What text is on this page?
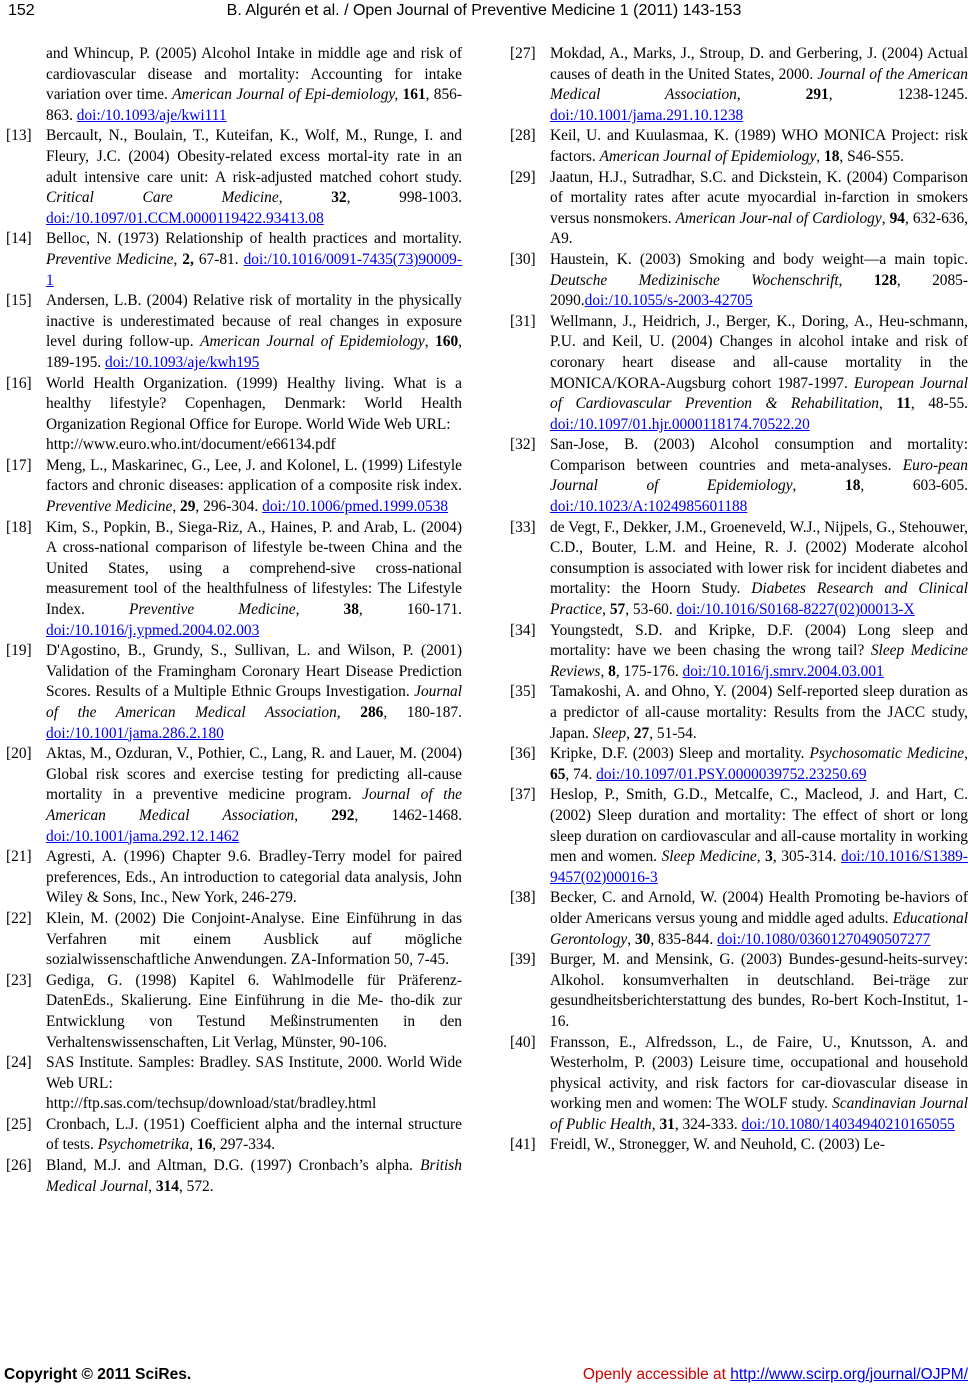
152	B. Algurén et al. / Open Journal of Preventive Medicine 1 (2011) 143-153
and Whincup, P. (2005) Alcohol Intake in middle age and risk of cardiovascular disease and mortality: Accounting for intake variation over time. American Journal of Epi-demiology, 161, 856-863. doi:/10.1093/aje/kwi111
[13] Bercault, N., Boulain, T., Kuteifan, K., Wolf, M., Runge, I. and Fleury, J.C. (2004) Obesity-related excess mortal-ity rate in an adult intensive care unit: A risk-adjusted matched cohort study. Critical Care Medicine, 32, 998-1003. doi:/10.1097/01.CCM.0000119422.93413.08
[14] Belloc, N. (1973) Relationship of health practices and mortality. Preventive Medicine, 2, 67-81. doi:/10.1016/0091-7435(73)90009-1
[15] Andersen, L.B. (2004) Relative risk of mortality in the physically inactive is underestimated because of real changes in exposure level during follow-up. American Journal of Epidemiology, 160, 189-195. doi:/10.1093/aje/kwh195
[16] World Health Organization. (1999) Healthy living. What is a healthy lifestyle? Copenhagen, Denmark: World Health Organization Regional Office for Europe. World Wide Web URL:
http://www.euro.who.int/document/e66134.pdf
[17] Meng, L., Maskarinec, G., Lee, J. and Kolonel, L. (1999) Lifestyle factors and chronic diseases: application of a composite risk index. Preventive Medicine, 29, 296-304. doi:/10.1006/pmed.1999.0538
[18] Kim, S., Popkin, B., Siega-Riz, A., Haines, P. and Arab, L. (2004) A cross-national comparison of lifestyle be-tween China and the United States, using a comprehend-sive cross-national measurement tool of the healthfulness of lifestyles: The Lifestyle Index. Preventive Medicine, 38, 160-171. doi:/10.1016/j.ypmed.2004.02.003
[19] D'Agostino, B., Grundy, S., Sullivan, L. and Wilson, P. (2001) Validation of the Framingham Coronary Heart Disease Prediction Scores. Results of a Multiple Ethnic Groups Investigation. Journal of the American Medical Association, 286, 180-187. doi:/10.1001/jama.286.2.180
[20] Aktas, M., Ozduran, V., Pothier, C., Lang, R. and Lauer, M. (2004) Global risk scores and exercise testing for predicting all-cause mortality in a preventive medicine program. Journal of the American Medical Association, 292, 1462-1468. doi:/10.1001/jama.292.12.1462
[21] Agresti, A. (1996) Chapter 9.6. Bradley-Terry model for paired preferences, Eds., An introduction to categorial data analysis, John Wiley & Sons, Inc., New York, 246-279.
[22] Klein, M. (2002) Die Conjoint-Analyse. Eine Einführung in das Verfahren mit einem Ausblick auf mögliche sozialwissenschaftliche Anwendungen. ZA-Information 50, 7-45.
[23] Gediga, G. (1998) Kapitel 6. Wahlmodelle für Präferenz-DatenEds., Skalierung. Eine Einführung in die Me- tho-dik zur Entwicklung von Testund Meßinstrumenten in den Verhaltenswissenschaften, Lit Verlag, Münster, 90-106.
[24] SAS Institute. Samples: Bradley. SAS Institute, 2000. World Wide Web URL:
http://ftp.sas.com/techsup/download/stat/bradley.html
[25] Cronbach, L.J. (1951) Coefficient alpha and the internal structure of tests. Psychometrika, 16, 297-334.
[26] Bland, M.J. and Altman, D.G. (1997) Cronbach’s alpha. British Medical Journal, 314, 572.
[27] Mokdad, A., Marks, J., Stroup, D. and Gerbering, J. (2004) Actual causes of death in the United States, 2000. Journal of the American Medical Association, 291, 1238-1245. doi:/10.1001/jama.291.10.1238
[28] Keil, U. and Kuulasmaa, K. (1989) WHO MONICA Project: risk factors. American Journal of Epidemiology, 18, S46-S55.
[29] Jaatun, H.J., Sutradhar, S.C. and Dickstein, K. (2004) Comparison of mortality rates after acute myocardial in-farction in smokers versus nonsmokers. American Jour-nal of Cardiology, 94, 632-636, A9.
[30] Haustein, K. (2003) Smoking and body weight—a main topic. Deutsche Medizinische Wochenschrift, 128, 2085-2090.doi:/10.1055/s-2003-42705
[31] Wellmann, J., Heidrich, J., Berger, K., Doring, A., Heu-schmann, P.U. and Keil, U. (2004) Changes in alcohol intake and risk of coronary heart disease and all-cause mortality in the MONICA/KORA-Augsburg cohort 1987-1997. European Journal of Cardiovascular Prevention & Rehabilitation, 11, 48-55. doi:/10.1097/01.hjr.0000118174.70522.20
[32] San-Jose, B. (2003) Alcohol consumption and mortality: Comparison between countries and meta-analyses. Euro-pean Journal of Epidemiology, 18, 603-605. doi:/10.1023/A:1024985601188
[33] de Vegt, F., Dekker, J.M., Groeneveld, W.J., Nijpels, G., Stehouwer, C.D., Bouter, L.M. and Heine, R. J. (2002) Moderate alcohol consumption is associated with lower risk for incident diabetes and mortality: the Hoorn Study. Diabetes Research and Clinical Practice, 57, 53-60. doi:/10.1016/S0168-8227(02)00013-X
[34] Youngstedt, S.D. and Kripke, D.F. (2004) Long sleep and mortality: have we been chasing the wrong tail? Sleep Medicine Reviews, 8, 175-176. doi:/10.1016/j.smrv.2004.03.001
[35] Tamakoshi, A. and Ohno, Y. (2004) Self-reported sleep duration as a predictor of all-cause mortality: Results from the JACC study, Japan. Sleep, 27, 51-54.
[36] Kripke, D.F. (2003) Sleep and mortality. Psychosomatic Medicine, 65, 74. doi:/10.1097/01.PSY.0000039752.23250.69
[37] Heslop, P., Smith, G.D., Metcalfe, C., Macleod, J. and Hart, C. (2002) Sleep duration and mortality: The effect of short or long sleep duration on cardiovascular and all-cause mortality in working men and women. Sleep Medicine, 3, 305-314. doi:/10.1016/S1389-9457(02)00016-3
[38] Becker, C. and Arnold, W. (2004) Health Promoting be-haviors of older Americans versus young and middle aged adults. Educational Gerontology, 30, 835-844. doi:/10.1080/03601270490507277
[39] Burger, M. and Mensink, G. (2003) Bundes-gesund-heits-survey: Alkohol. konsumverhalten in deutschland. Bei-träge zur gesundheitsberichterstattung des bundes, Ro-bert Koch-Institut, 1-16.
[40] Fransson, E., Alfredsson, L., de Faire, U., Knutsson, A. and Westerholm, P. (2003) Leisure time, occupational and household physical activity, and risk factors for car-diovascular disease in working men and women: The WOLF study. Scandinavian Journal of Public Health, 31, 324-333. doi:/10.1080/14034940210165055
[41] Freidl, W., Stronegger, W. and Neuhold, C. (2003) Le-
Copyright © 2011 SciRes.	Openly accessible at http://www.scirp.org/journal/OJPM/
